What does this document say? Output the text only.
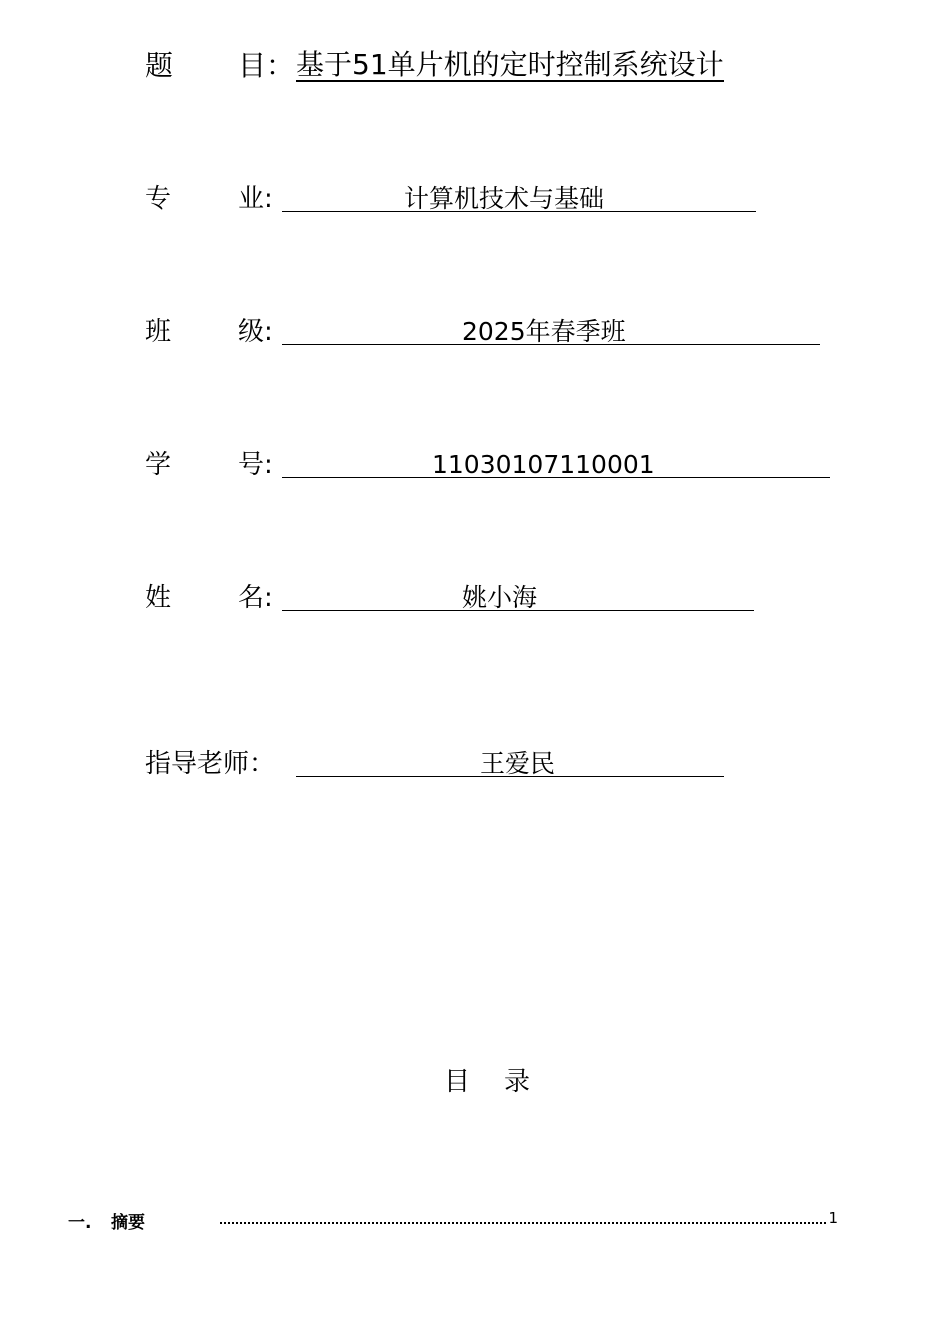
题 目： 基于51单片机的定时控制系统设计
专	业:	计算机技术与基础
班	级:	2025年春季班
学	号:	11030107110001
姓	名:	姚小海
指导老师：	王爱民
目 录
一. 摘要	1
